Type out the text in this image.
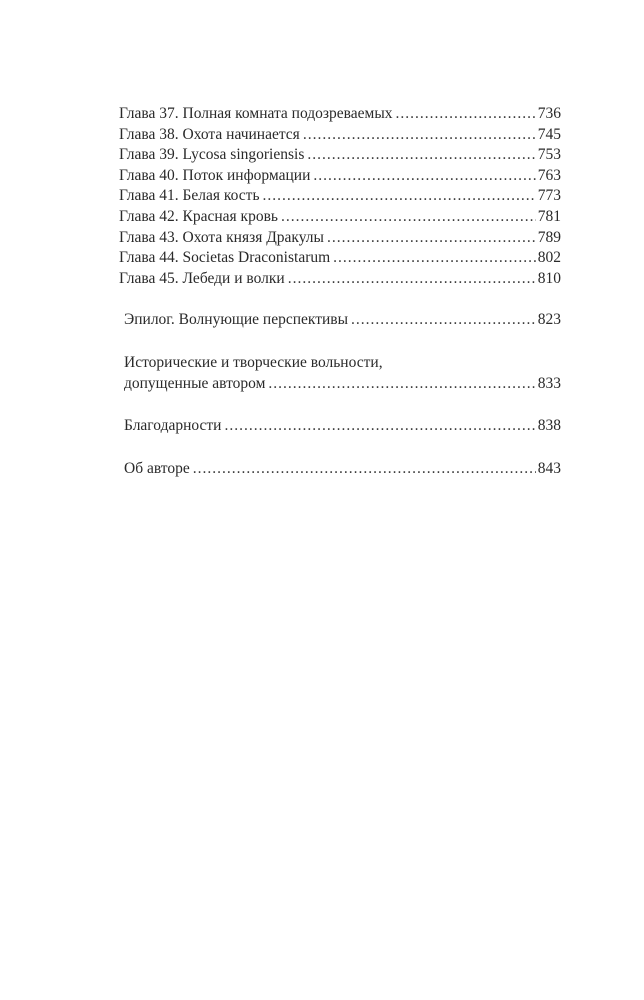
Глава 37. Полная комната подозреваемых .....	736
Глава 38. Охота начинается .....	745
Глава 39. Lycosa singoriensis .....	753
Глава 40. Поток информации .....	763
Глава 41. Белая кость .....	773
Глава 42. Красная кровь .....	781
Глава 43. Охота князя Дракулы .....	789
Глава 44. Societas Draconistarum .....	802
Глава 45. Лебеди и волки .....	810
Эпилог. Волнующие перспективы .....	823
Исторические и творческие вольности,
допущенные автором .....	833
Благодарности .....	838
Об авторе .....	843
